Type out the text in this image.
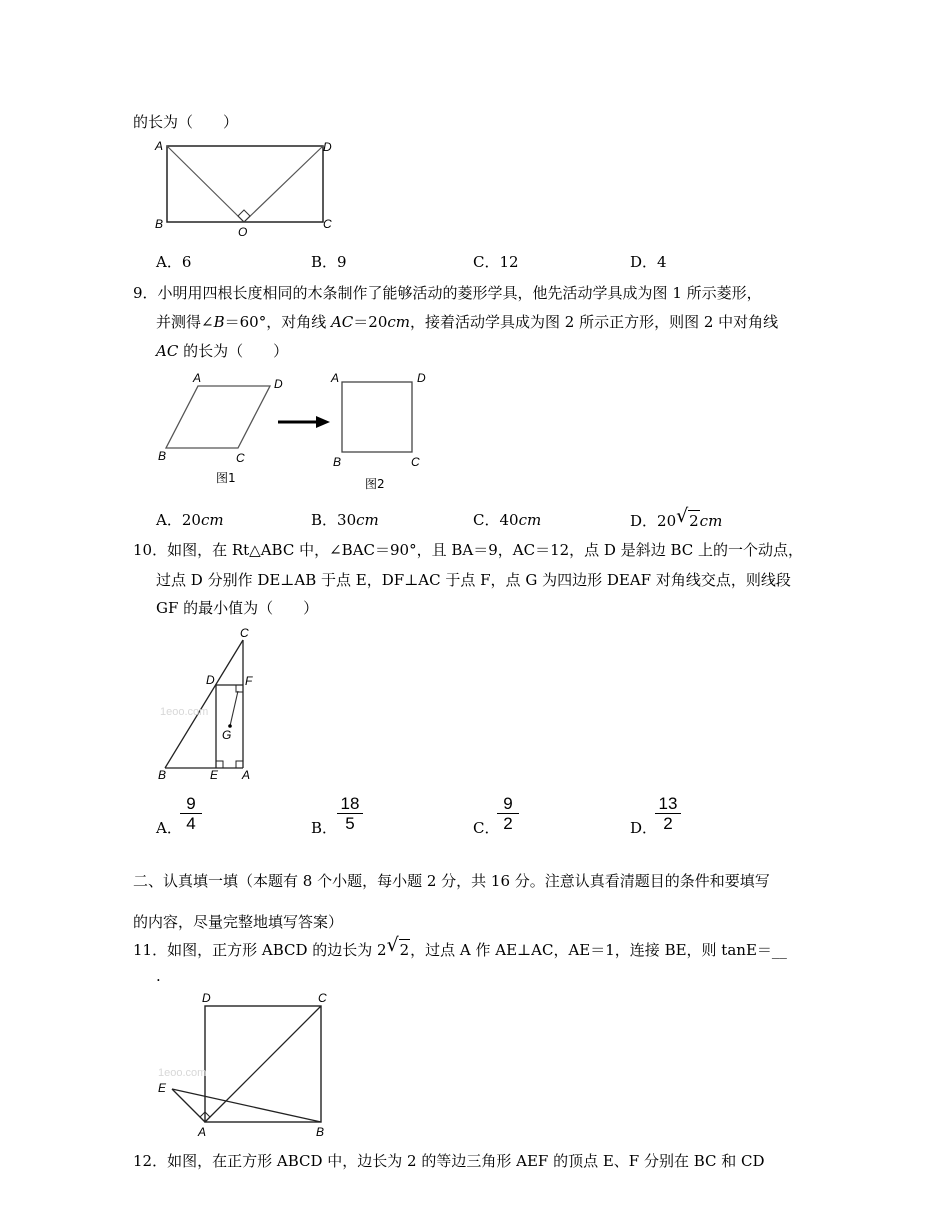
的长为（　　）
A	D
B
O
C
A．6	B．9	C．12	D．4
9．小明用四根长度相同的木条制作了能够活动的菱形学具，他先活动学具成为图 1 所示菱形，
并测得∠B＝60°，对角线 AC＝20cm，接着活动学具成为图 2 所示正方形，则图 2 中对角线
AC 的长为（　　）
A	D
B	C
图1
A	D
B	C
图2
A．20cm	B．30cm	C．40cm	D．20 √ 2cm
10．如图，在 Rt△ABC 中，∠BAC＝90°，且 BA＝9，AC＝12，点 D 是斜边 BC 上的一个动点，
过点 D 分别作 DE⊥AB 于点 E，DF⊥AC 于点 F，点 G 为四边形 DEAF 对角线交点，则线段
GF 的最小值为（　　）
1eoo.com
C
D	F
G
B	E A
A．
9
4	B．
18
5	C．
9
2	D．
13
2
二、认真填一填（本题有 8 个小题，每小题 2 分，共 16 分。注意认真看清题目的条件和要填写
的内容，尽量完整地填写答案）
11．如图，正方形 ABCD 的边长为 2 √ 2，过点 A 作 AE⊥AC，AE＝1，连接 BE，则 tanE＝__
.
1eoo.com
D	C
E
A	B
12．如图，在正方形 ABCD 中，边长为 2 的等边三角形 AEF 的顶点 E、F 分别在 BC 和 CD
